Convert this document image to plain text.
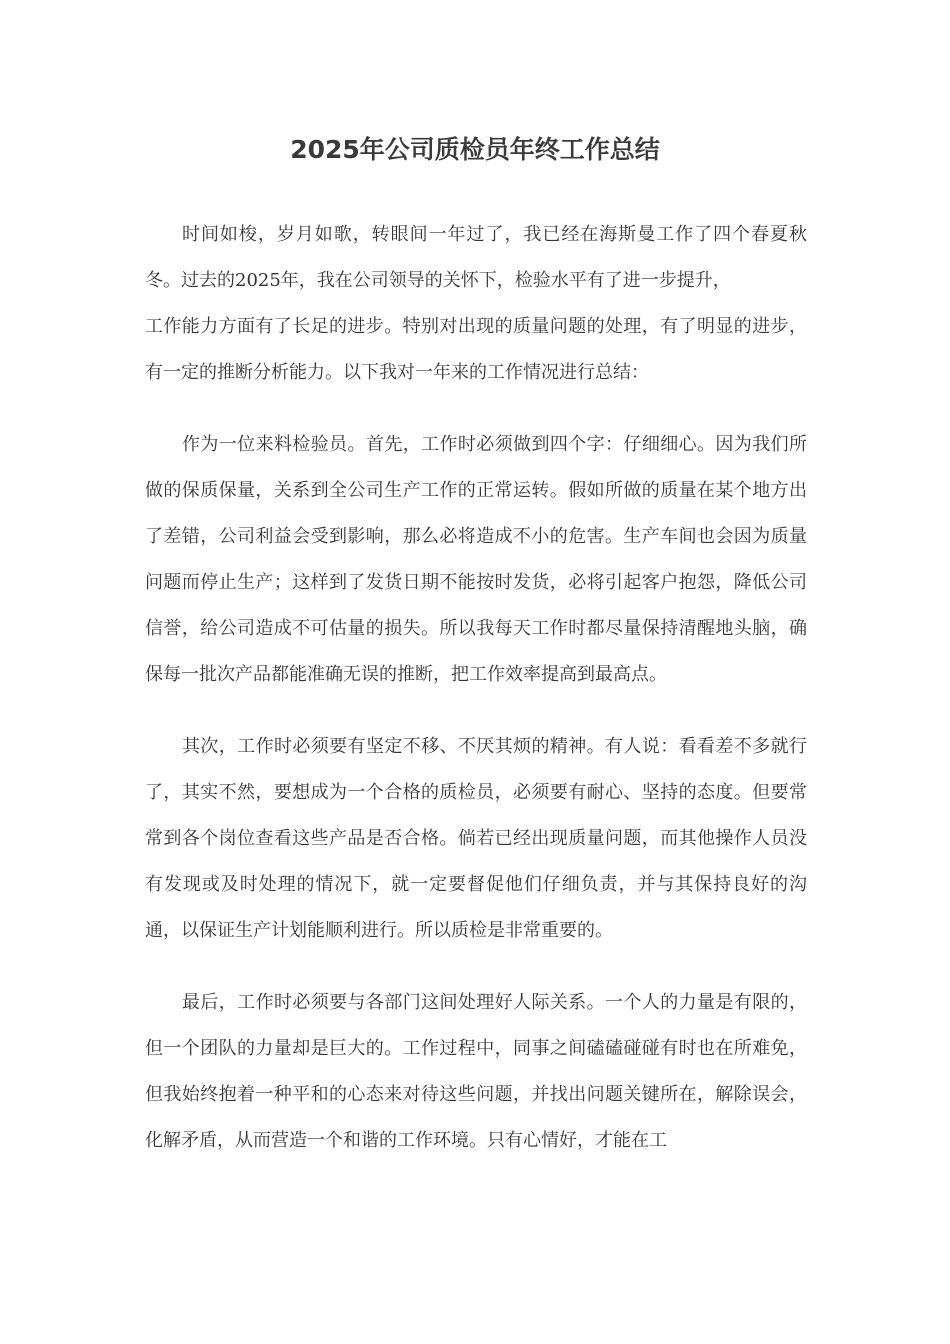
2025年公司质检员年终工作总结

时间如梭，岁月如歌，转眼间一年过了，我已经在海斯曼工作了四个春夏秋冬。过去的2025年，我在公司领导的关怀下，检验水平有了进一步提升，
工作能力方面有了长足的进步。特别对出现的质量问题的处理，有了明显的进步，有一定的推断分析能力。以下我对一年来的工作情况进行总结：

作为一位来料检验员。首先，工作时必须做到四个字：仔细细心。因为我们所做的保质保量，关系到全公司生产工作的正常运转。假如所做的质量在某个地方出了差错，公司利益会受到影响，那么必将造成不小的危害。生产车间也会因为质量问题而停止生产；这样到了发货日期不能按时发货，必将引起客户抱怨，降低公司信誉，给公司造成不可估量的损失。所以我每天工作时都尽量保持清醒地头脑，确保每一批次产品都能准确无误的推断，把工作效率提高到最高点。

其次，工作时必须要有坚定不移、不厌其烦的精神。有人说：看看差不多就行了，其实不然，要想成为一个合格的质检员，必须要有耐心、坚持的态度。但要常常到各个岗位查看这些产品是否合格。倘若已经出现质量问题，而其他操作人员没有发现或及时处理的情况下，就一定要督促他们仔细负责，并与其保持良好的沟通，以保证生产计划能顺利进行。所以质检是非常重要的。

最后，工作时必须要与各部门这间处理好人际关系。一个人的力量是有限的，但一个团队的力量却是巨大的。工作过程中，同事之间磕磕碰碰有时也在所难免，但我始终抱着一种平和的心态来对待这些问题，并找出问题关键所在，解除误会，化解矛盾，从而营造一个和谐的工作环境。只有心情好，才能在工
